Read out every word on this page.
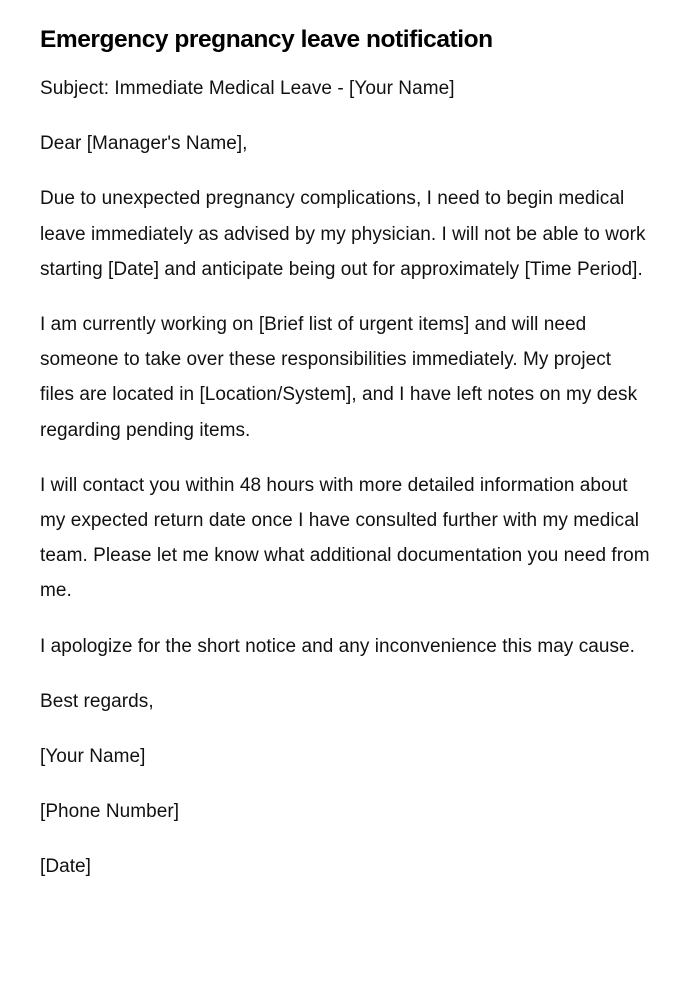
Emergency pregnancy leave notification

Subject: Immediate Medical Leave - [Your Name]

Dear [Manager's Name],

Due to unexpected pregnancy complications, I need to begin medical leave immediately as advised by my physician. I will not be able to work starting [Date] and anticipate being out for approximately [Time Period].

I am currently working on [Brief list of urgent items] and will need someone to take over these responsibilities immediately. My project files are located in [Location/System], and I have left notes on my desk regarding pending items.

I will contact you within 48 hours with more detailed information about my expected return date once I have consulted further with my medical team. Please let me know what additional documentation you need from me.

I apologize for the short notice and any inconvenience this may cause.

Best regards,

[Your Name]

[Phone Number]

[Date]
